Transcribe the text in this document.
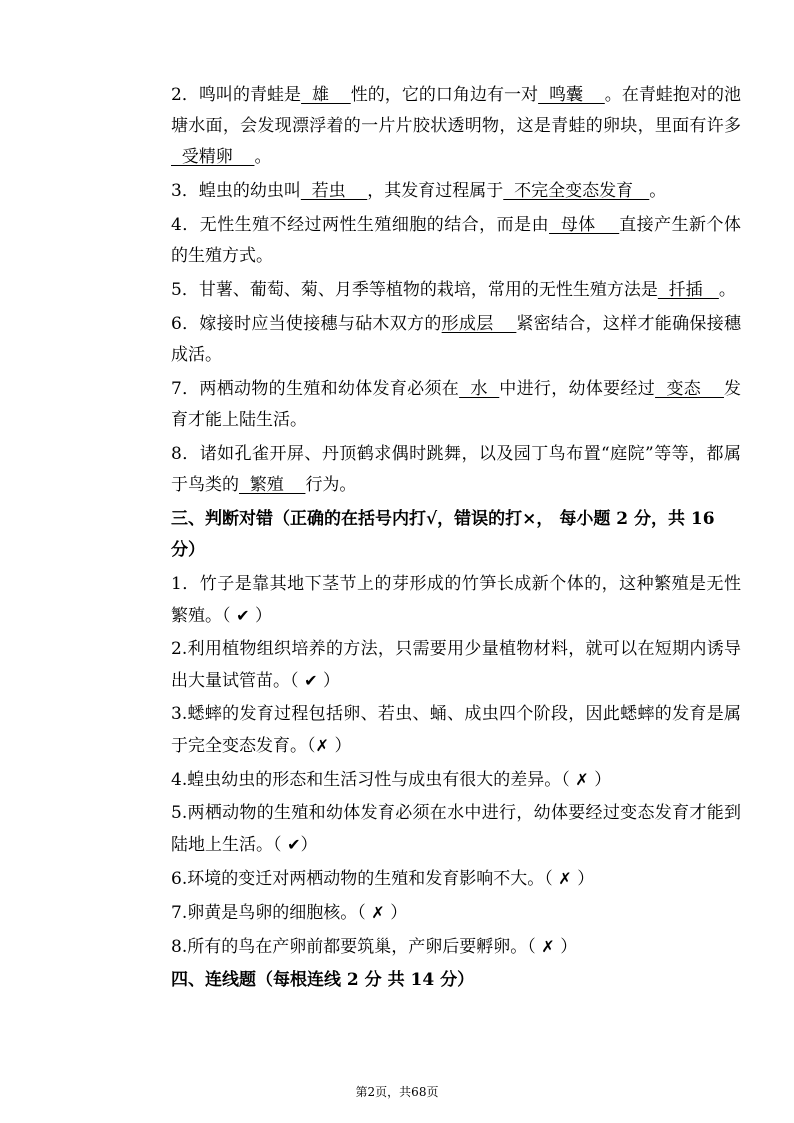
2．鸣叫的青蛙是  雄    性的，它的口角边有一对  鸣囊    。在青蛙抱对的池塘水面，会发现漂浮着的一片片胶状透明物，这是青蛙的卵块，里面有许多  受精卵    。

3．蝗虫的幼虫叫  若虫    ，其发育过程属于  不完全变态发育   。

4．无性生殖不经过两性生殖细胞的结合，而是由  母体    直接产生新个体的生殖方式。

5．甘薯、葡萄、菊、月季等植物的栽培，常用的无性生殖方法是  扦插   。

6．嫁接时应当使接穗与砧木双方的形成层    紧密结合，这样才能确保接穗成活。

7．两栖动物的生殖和幼体发育必须在  水  中进行，幼体要经过  变态    发育才能上陆生活。

8．诸如孔雀开屏、丹顶鹤求偶时跳舞，以及园丁鸟布置“庭院”等等，都属于鸟类的  繁殖    行为。

三、判断对错（正确的在括号内打√，错误的打×， 每小题 2 分，共 16 分）

1．竹子是靠其地下茎节上的芽形成的竹笋长成新个体的，这种繁殖是无性繁殖。（ ✔ ）

2.利用植物组织培养的方法，只需要用少量植物材料，就可以在短期内诱导出大量试管苗。（ ✔ ）

3.蟋蟀的发育过程包括卵、若虫、蛹、成虫四个阶段，因此蟋蟀的发育是属于完全变态发育。（✗ ）

4.蝗虫幼虫的形态和生活习性与成虫有很大的差异。（ ✗ ）

5.两栖动物的生殖和幼体发育必须在水中进行，幼体要经过变态发育才能到陆地上生活。（ ✔）

6.环境的变迁对两栖动物的生殖和发育影响不大。（ ✗ ）

7.卵黄是鸟卵的细胞核。（ ✗ ）

8.所有的鸟在产卵前都要筑巢，产卵后要孵卵。（ ✗ ）

四、连线题（每根连线 2 分 共 14 分）

第2页，共68页
